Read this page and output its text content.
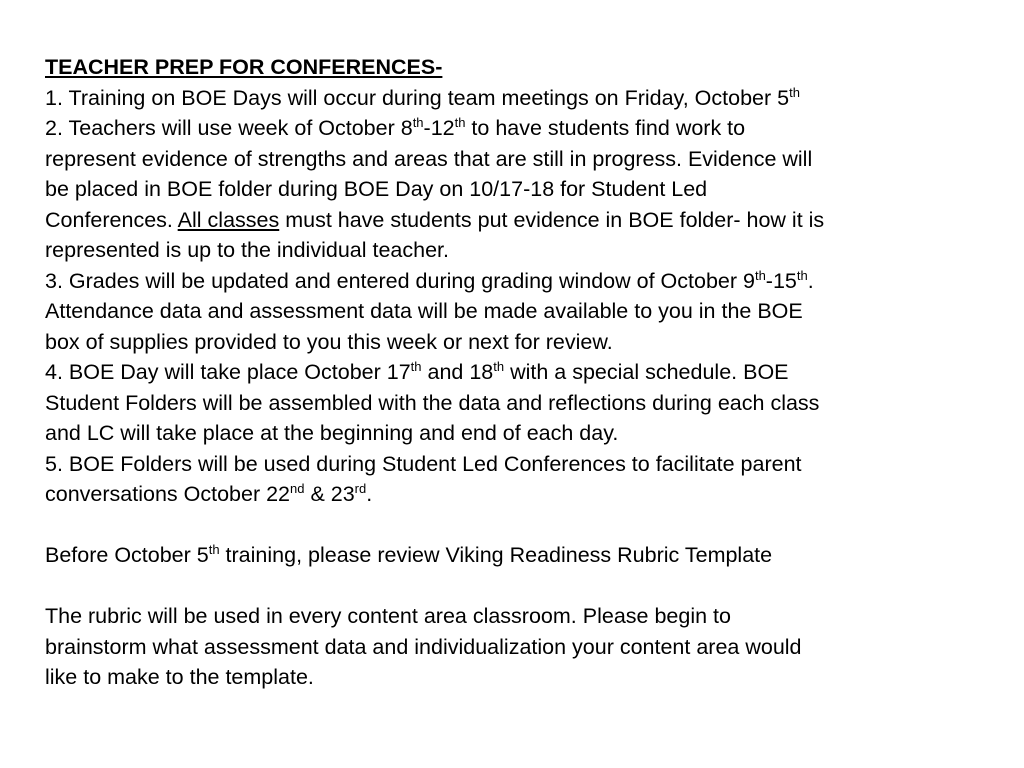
TEACHER PREP FOR CONFERENCES-

1. Training on BOE Days will occur during team meetings on Friday, October 5th

2. Teachers will use week of October 8th-12th to have students find work to

represent evidence of strengths and areas that are still in progress. Evidence will

be placed in BOE folder during BOE Day on 10/17-18 for Student Led

Conferences. All classes must have students put evidence in BOE folder- how it is

represented is up to the individual teacher.

3. Grades will be updated and entered during grading window of October 9th-15th.

Attendance data and assessment data will be made available to you in the BOE

box of supplies provided to you this week or next for review.

4. BOE Day will take place October 17th and 18th with a special schedule. BOE

Student Folders will be assembled with the data and reflections during each class

and LC will take place at the beginning and end of each day.

5. BOE Folders will be used during Student Led Conferences to facilitate parent

conversations October 22nd & 23rd.

Before October 5th training, please review Viking Readiness Rubric Template

The rubric will be used in every content area classroom. Please begin to

brainstorm what assessment data and individualization your content area would

like to make to the template.
